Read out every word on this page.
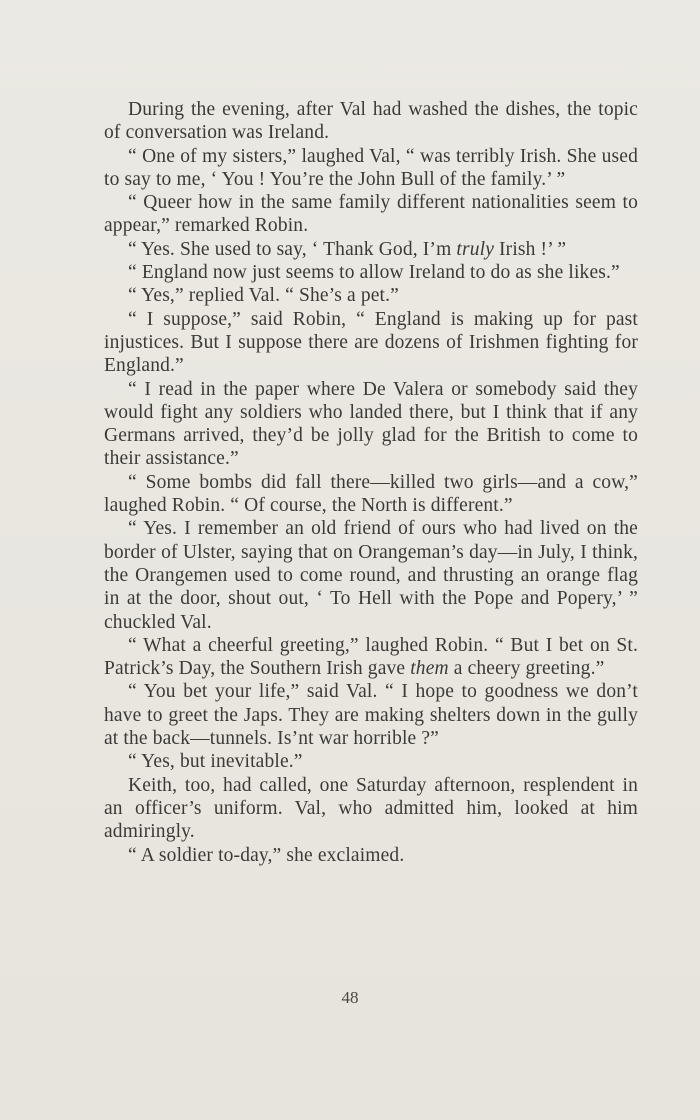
During the evening, after Val had washed the dishes, the topic of conversation was Ireland.

“ One of my sisters,” laughed Val, “ was terribly Irish. She used to say to me, ‘ You ! You’re the John Bull of the family.’ ”

“ Queer how in the same family different nationalities seem to appear,” remarked Robin.

“ Yes. She used to say, ‘ Thank God, I’m truly Irish !’ ”

“ England now just seems to allow Ireland to do as she likes.”

“ Yes,” replied Val. “ She’s a pet.”

“ I suppose,” said Robin, “ England is making up for past injustices. But I suppose there are dozens of Irishmen fighting for England.”

“ I read in the paper where De Valera or somebody said they would fight any soldiers who landed there, but I think that if any Germans arrived, they’d be jolly glad for the British to come to their assistance.”

“ Some bombs did fall there—killed two girls—and a cow,” laughed Robin. “ Of course, the North is different.”

“ Yes. I remember an old friend of ours who had lived on the border of Ulster, saying that on Orangeman’s day—in July, I think, the Orangemen used to come round, and thrusting an orange flag in at the door, shout out, ‘ To Hell with the Pope and Popery,’ ” chuckled Val.

“ What a cheerful greeting,” laughed Robin. “ But I bet on St. Patrick’s Day, the Southern Irish gave them a cheery greeting.”

“ You bet your life,” said Val. “ I hope to goodness we don’t have to greet the Japs. They are making shelters down in the gully at the back—tunnels. Is’nt war horrible ?”

“ Yes, but inevitable.”

Keith, too, had called, one Saturday afternoon, resplendent in an officer’s uniform. Val, who admitted him, looked at him admiringly.

“ A soldier to-day,” she exclaimed.

48
